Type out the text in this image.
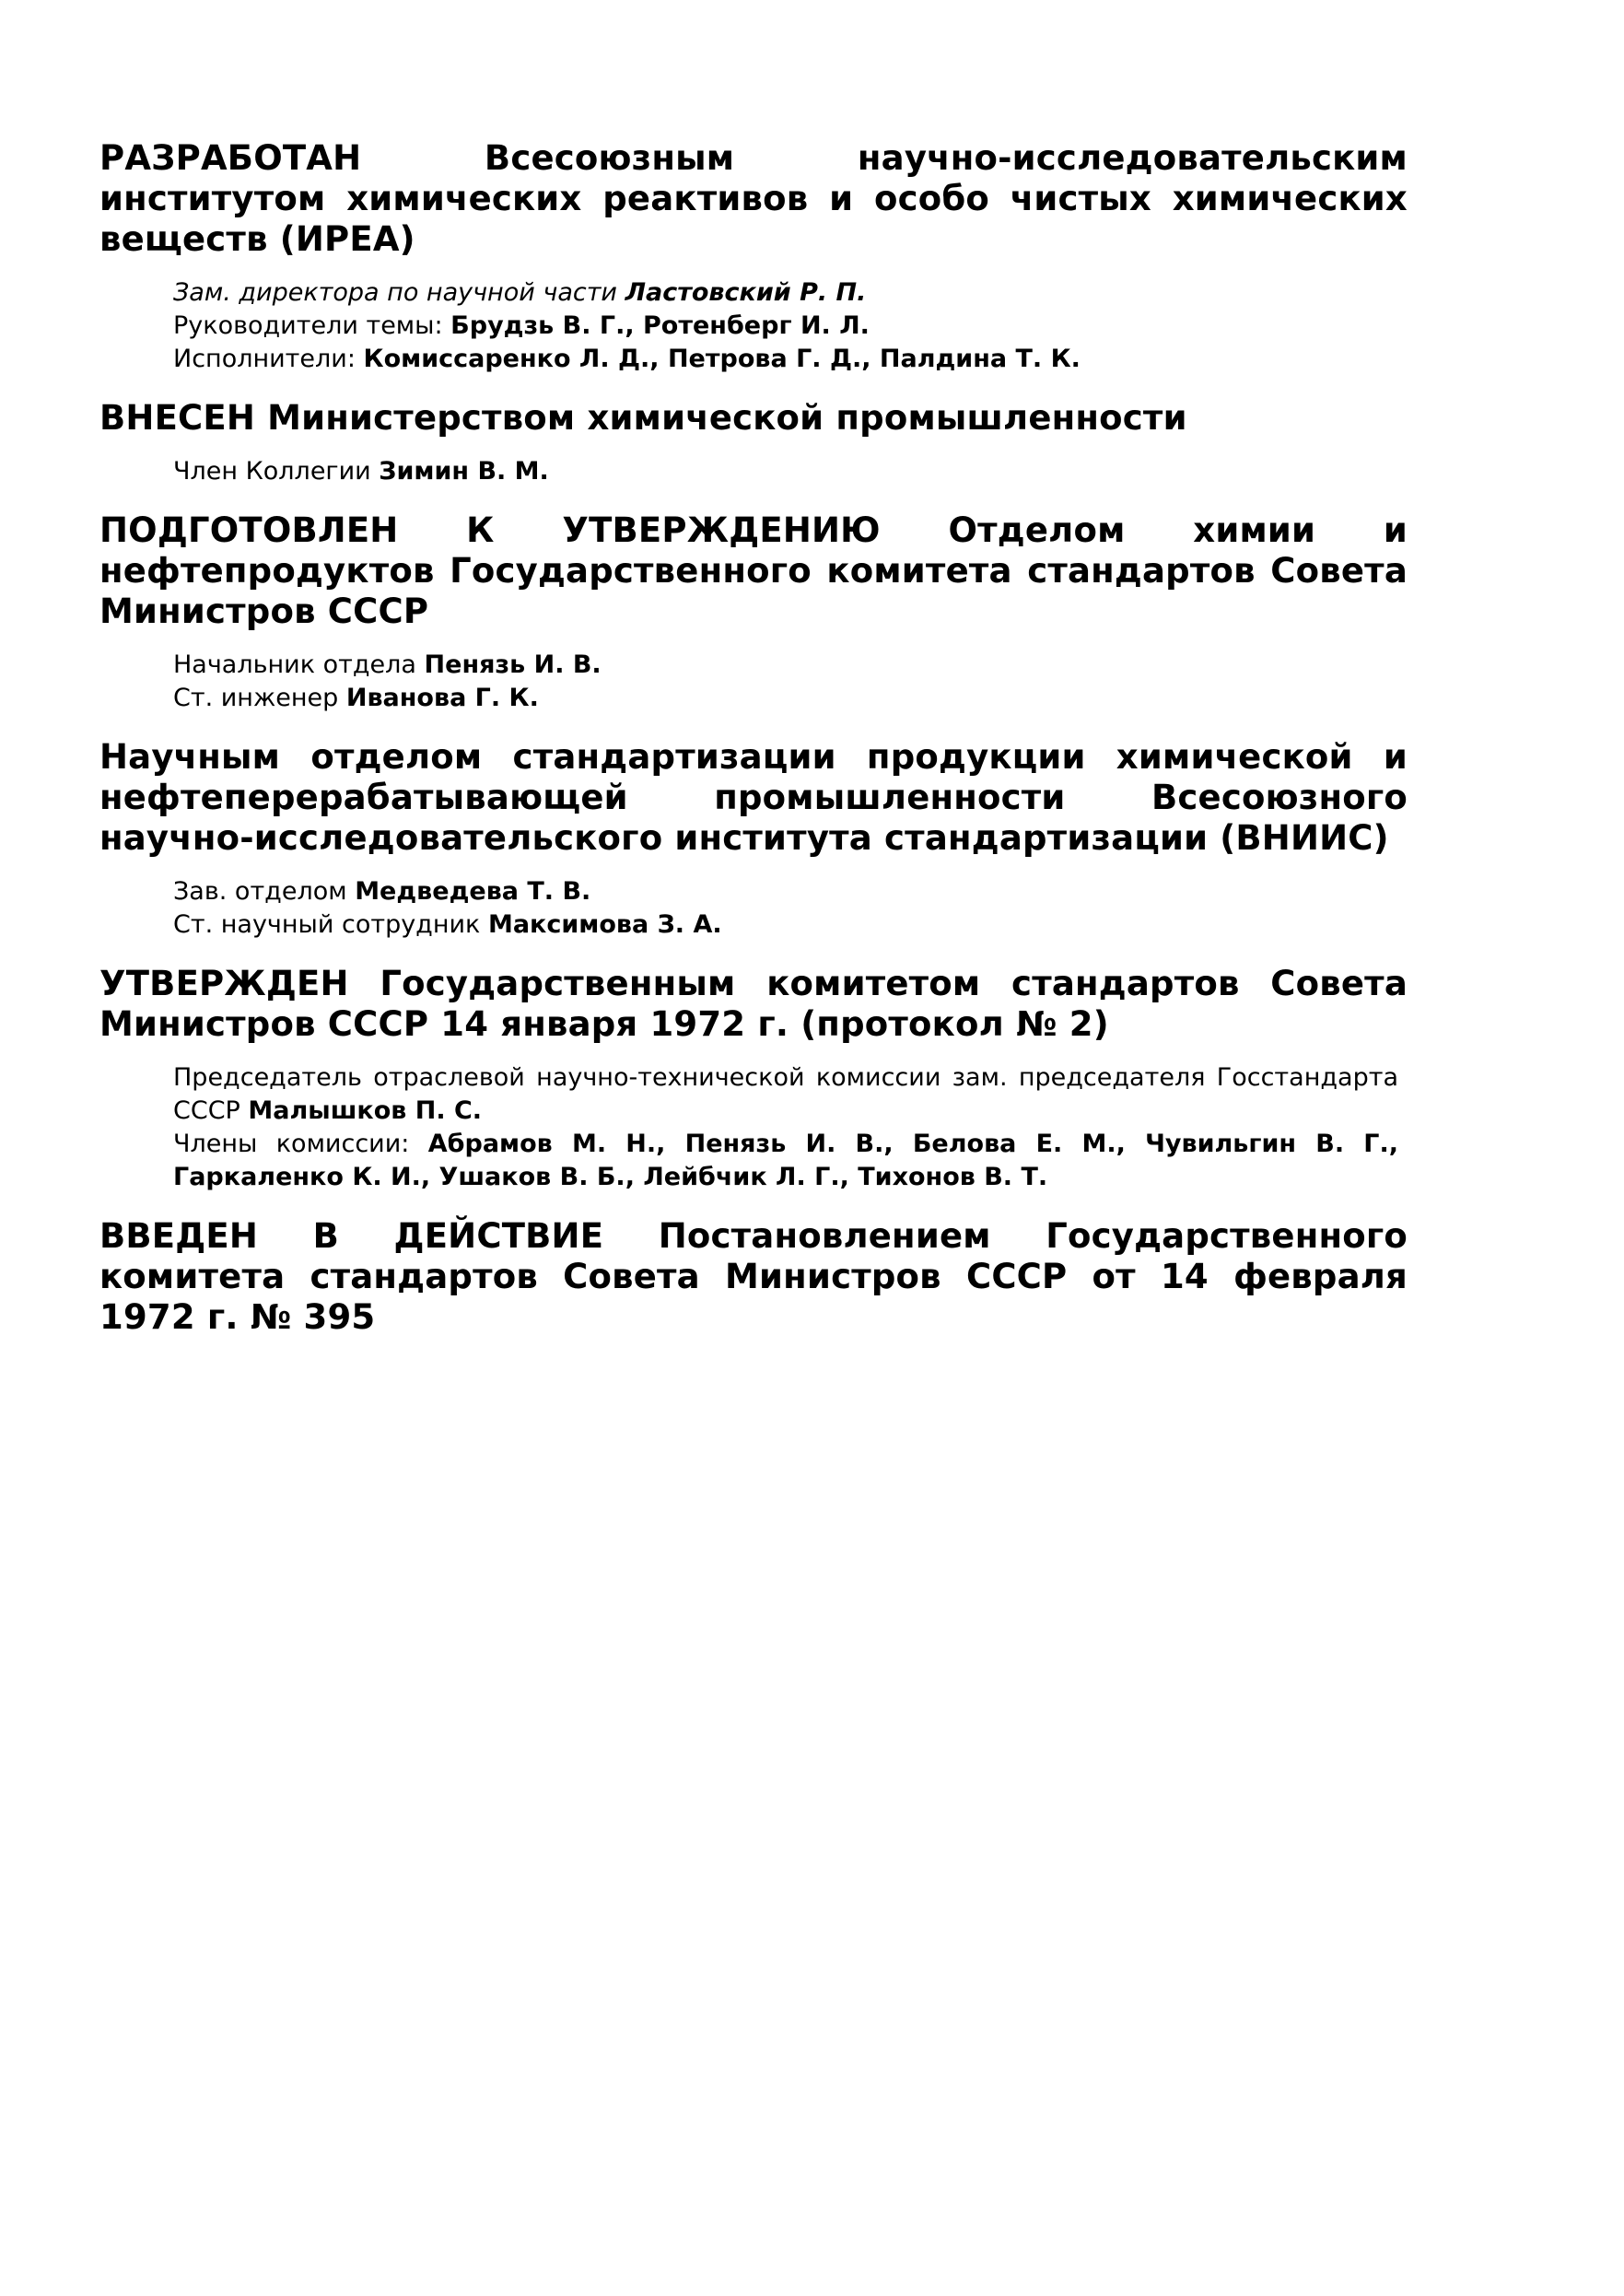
РАЗРАБОТАН Всесоюзным научно-исследовательским институтом химических реактивов и особо чистых химических веществ (ИРЕА)
Зам. директора по научной части Ластовский Р. П.
Руководители темы: Брудзь В. Г., Ротенберг И. Л.
Исполнители: Комиссаренко Л. Д., Петрова Г. Д., Палдина Т. К.
ВНЕСЕН Министерством химической промышленности
Член Коллегии Зимин В. М.
ПОДГОТОВЛЕН К УТВЕРЖДЕНИЮ Отделом химии и нефтепродуктов Государственного комитета стандартов Совета Министров СССР
Начальник отдела Пенязь И. В.
Ст. инженер Иванова Г. К.
Научным отделом стандартизации продукции химической и нефтеперерабатывающей промышленности Всесоюзного научно-исследовательского института стандартизации (ВНИИС)
Зав. отделом Медведева Т. В.
Ст. научный сотрудник Максимова З. А.
УТВЕРЖДЕН Государственным комитетом стандартов Совета Министров СССР 14 января 1972 г. (протокол № 2)
Председатель отраслевой научно-технической комиссии зам. председателя Госстандарта СССР Малышков П. С.
Члены комиссии: Абрамов М. Н., Пенязь И. В., Белова Е. М., Чувильгин В. Г., Гаркаленко К. И., Ушаков В. Б., Лейбчик Л. Г., Тихонов В. Т.
ВВЕДЕН В ДЕЙСТВИЕ Постановлением Государственного комитета стандартов Совета Министров СССР от 14 февраля 1972 г. № 395
